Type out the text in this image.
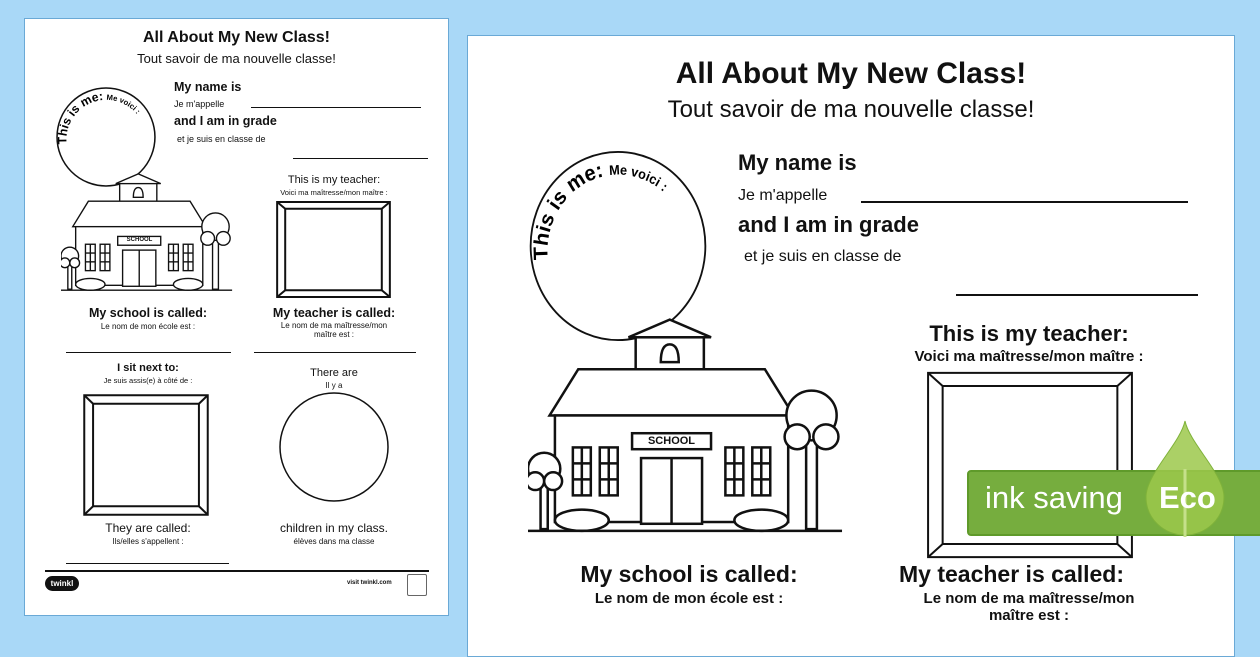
All About My New Class!
Tout savoir de ma nouvelle classe!
This is me: Me voici :
My name is
Je m'appelle
and I am in grade
et je suis en classe de
SCHOOL
This is my teacher:
Voici ma maîtresse/mon maître :
My school is called:
Le nom de mon école est :
My teacher is called:
Le nom de ma maîtresse/mon
maître est :
I sit next to:
Je suis assis(e) à côté de :
There are
Il y a
They are called:
Ils/elles s'appellent :
children in my class.
élèves dans ma classe
twinkl	visit twinkl.com
All About My New Class!
Tout savoir de ma nouvelle classe!
This is me: Me voici :
My name is
Je m'appelle
and I am in grade
et je suis en classe de
SCHOOL
This is my teacher:
Voici ma maîtresse/mon maître :
My school is called:
Le nom de mon école est :
My teacher is called:
Le nom de ma maîtresse/mon
maître est :
ink saving Eco
